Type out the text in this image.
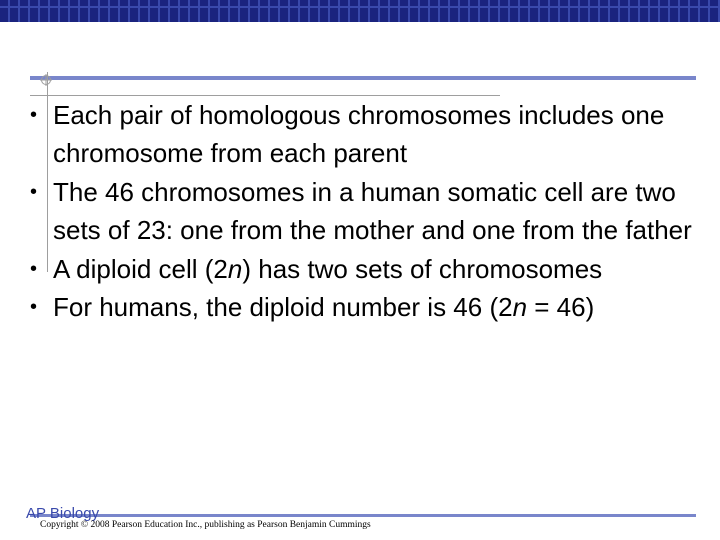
• Each pair of homologous chromosomes includes one chromosome from each parent
• The 46 chromosomes in a human somatic cell are two sets of 23: one from the mother and one from the father
• A diploid cell (2n) has two sets of chromosomes
• For humans, the diploid number is 46 (2n = 46)
AP Biology
Copyright © 2008 Pearson Education Inc., publishing as Pearson Benjamin Cummings
